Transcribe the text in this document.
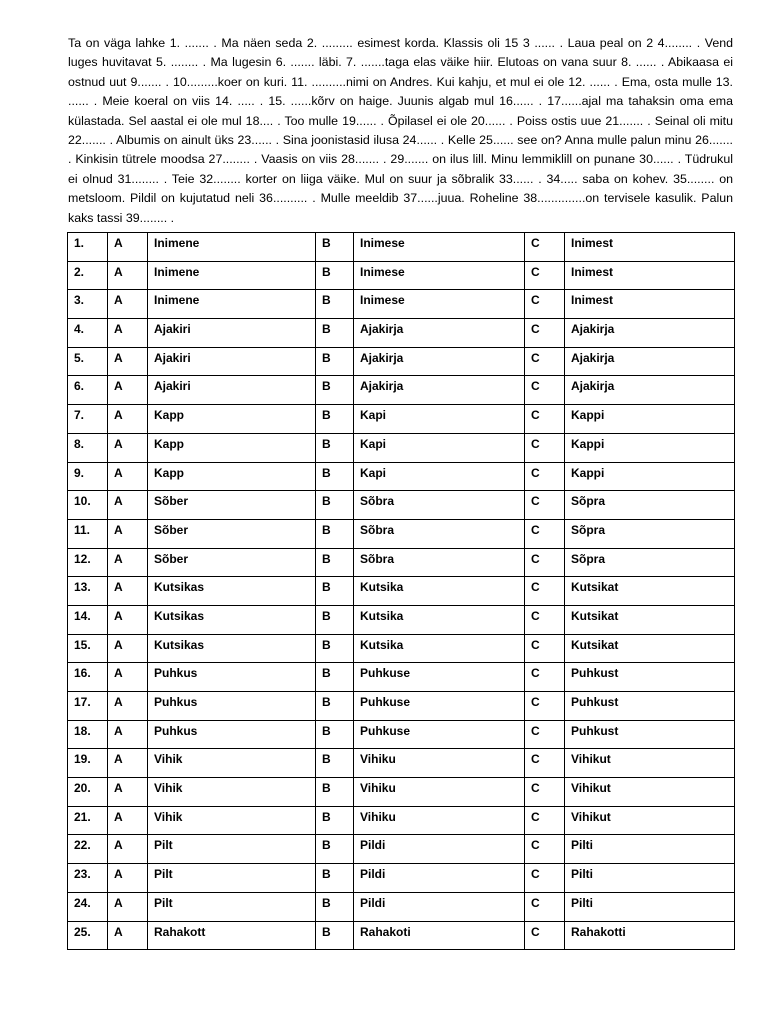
Ta on väga lahke 1. ....... . Ma näen seda 2. ......... esimest korda. Klassis oli 15 3 ...... . Laua peal on 2 4........ . Vend luges huvitavat 5. ........ . Ma lugesin 6. ....... läbi. 7. .......taga elas väike hiir. Elutoas on vana suur 8. ...... . Abikaasa ei ostnud uut 9....... . 10.........koer on kuri. 11. ..........nimi on Andres. Kui kahju, et mul ei ole 12. ...... . Ema, osta mulle 13. ...... . Meie koeral on viis 14. ..... . 15. ......kõrv on haige. Juunis algab mul 16...... . 17......ajal ma tahaksin oma ema külastada. Sel aastal ei ole mul 18.... . Too mulle 19...... . Õpilasel ei ole 20...... . Poiss ostis uue 21....... . Seinal oli mitu 22....... . Albumis on ainult üks 23...... . Sina joonistasid ilusa 24...... . Kelle 25...... see on? Anna mulle palun minu 26....... . Kinkisin tütrele moodsa 27........ . Vaasis on viis 28....... . 29....... on ilus lill. Minu lemmiklill on punane 30...... . Tüdrukul ei olnud 31........ . Teie 32........ korter on liiga väike. Mul on suur ja sõbralik 33...... . 34..... saba on kohev. 35........ on metsloom. Pildil on kujutatud neli 36.......... . Mulle meeldib 37......juua. Roheline 38..............on tervisele kasulik. Palun kaks tassi 39........ .

1.	A	Inimene	B	Inimese	C	Inimest
2.	A	Inimene	B	Inimese	C	Inimest
3.	A	Inimene	B	Inimese	C	Inimest
4.	A	Ajakiri	B	Ajakirja	C	Ajakirja
5.	A	Ajakiri	B	Ajakirja	C	Ajakirja
6.	A	Ajakiri	B	Ajakirja	C	Ajakirja
7.	A	Kapp	B	Kapi	C	Kappi
8.	A	Kapp	B	Kapi	C	Kappi
9.	A	Kapp	B	Kapi	C	Kappi
10.	A	Sõber	B	Sõbra	C	Sõpra
11.	A	Sõber	B	Sõbra	C	Sõpra
12.	A	Sõber	B	Sõbra	C	Sõpra
13.	A	Kutsikas	B	Kutsika	C	Kutsikat
14.	A	Kutsikas	B	Kutsika	C	Kutsikat
15.	A	Kutsikas	B	Kutsika	C	Kutsikat
16.	A	Puhkus	B	Puhkuse	C	Puhkust
17.	A	Puhkus	B	Puhkuse	C	Puhkust
18.	A	Puhkus	B	Puhkuse	C	Puhkust
19.	A	Vihik	B	Vihiku	C	Vihikut
20.	A	Vihik	B	Vihiku	C	Vihikut
21.	A	Vihik	B	Vihiku	C	Vihikut
22.	A	Pilt	B	Pildi	C	Pilti
23.	A	Pilt	B	Pildi	C	Pilti
24.	A	Pilt	B	Pildi	C	Pilti
25.	A	Rahakott	B	Rahakoti	C	Rahakotti
